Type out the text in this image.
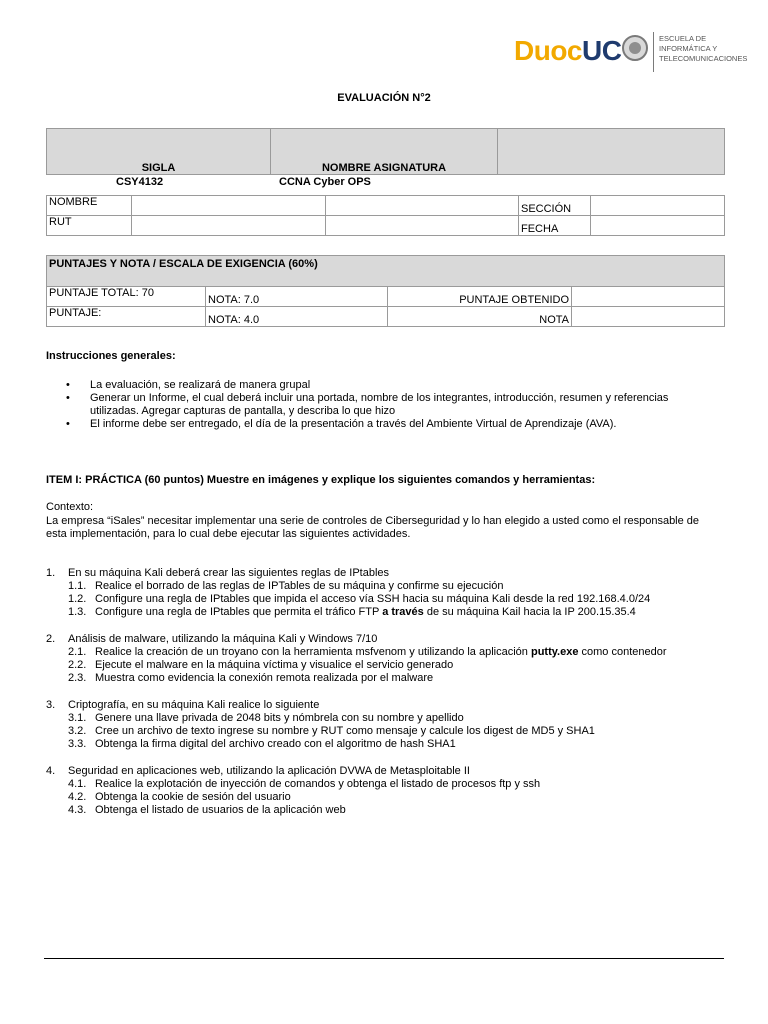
DuocUC	ESCUELA DE
INFORMÁTICA Y
TELECOMUNICACIONES
EVALUACIÓN N°2
SIGLA	NOMBRE ASIGNATURA	
CSY4132	CCNA Cyber OPS
NOMBRE			SECCIÓN	
RUT			FECHA	
PUNTAJES Y NOTA / ESCALA DE EXIGENCIA (60%)			
PUNTAJE TOTAL: 70	NOTA: 7.0	PUNTAJE OBTENIDO	
PUNTAJE:	NOTA: 4.0	NOTA	
Instrucciones generales:
• La evaluación, se realizará de manera grupal
• Generar un Informe, el cual deberá incluir una portada, nombre de los integrantes, introducción, resumen y referencias
utilizadas. Agregar capturas de pantalla, y describa lo que hizo
• El informe debe ser entregado, el día de la presentación a través del Ambiente Virtual de Aprendizaje (AVA).
ITEM I: PRÁCTICA (60 puntos) Muestre en imágenes y explique los siguientes comandos y herramientas:
Contexto:
La empresa “iSales” necesitar implementar una serie de controles de Ciberseguridad y lo han elegido a usted como el responsable de
esta implementación, para lo cual debe ejecutar las siguientes actividades.
1. En su máquina Kali deberá crear las siguientes reglas de IPtables
1.1. Realice el borrado de las reglas de IPTables de su máquina y confirme su ejecución
1.2. Configure una regla de IPtables que impida el acceso vía SSH hacia su máquina Kali desde la red 192.168.4.0/24
1.3. Configure una regla de IPtables que permita el tráfico FTP a través de su máquina Kail hacia la IP 200.15.35.4
2. Análisis de malware, utilizando la máquina Kali y Windows 7/10
2.1. Realice la creación de un troyano con la herramienta msfvenom y utilizando la aplicación putty.exe como contenedor
2.2. Ejecute el malware en la máquina víctima y visualice el servicio generado
2.3. Muestra como evidencia la conexión remota realizada por el malware
3. Criptografía, en su máquina Kali realice lo siguiente
3.1. Genere una llave privada de 2048 bits y nómbrela con su nombre y apellido
3.2. Cree un archivo de texto ingrese su nombre y RUT como mensaje y calcule los digest de MD5 y SHA1
3.3. Obtenga la firma digital del archivo creado con el algoritmo de hash SHA1
4. Seguridad en aplicaciones web, utilizando la aplicación DVWA de Metasploitable II
4.1. Realice la explotación de inyección de comandos y obtenga el listado de procesos ftp y ssh
4.2. Obtenga la cookie de sesión del usuario
4.3. Obtenga el listado de usuarios de la aplicación web
